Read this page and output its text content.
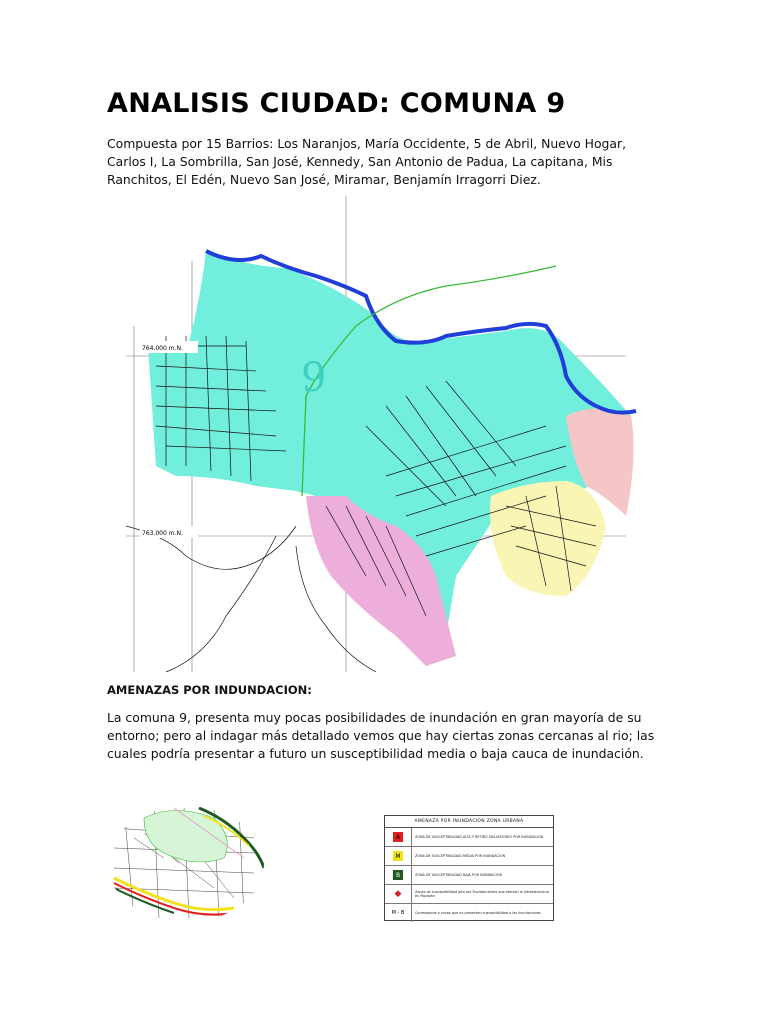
ANALISIS CIUDAD: COMUNA 9

Compuesta por 15 Barrios: Los Naranjos, María Occidente, 5 de Abril, Nuevo Hogar, Carlos I, La Sombrilla, San José, Kennedy, San Antonio de Padua, La capitana, Mis Ranchitos, El Edén, Nuevo San José, Miramar, Benjamín Irragorri Diez.

764.000 m.N.
763.000 m.N.
9
AMENAZAS POR INDUNDACION:

La comuna 9, presenta muy pocas posibilidades de inundación en gran mayoría de su entorno; pero al indagar más detallado vemos que hay ciertas zonas cercanas al rio; las cuales podría presentar a futuro un susceptibilidad media o baja cauca de inundación.

AMENAZA POR INUNDACION ZONA URBANA
A	ZONA DE SUSCEPTIBILIDAD ALTA Y RETIRO OBLIGATORIO POR INUNDACION
M	ZONA DE SUSCEPTIBILIDAD MEDIA POR INUNDACION
B	ZONA DE SUSCEPTIBILIDAD BAJA POR INUNDACION
◆	Zonas de susceptibilidad alta por fluviotorrentes que afectan la infraestructura en Popayán
M - B	Corresponde a zonas que no presentan susceptibilidad a las inundaciones
